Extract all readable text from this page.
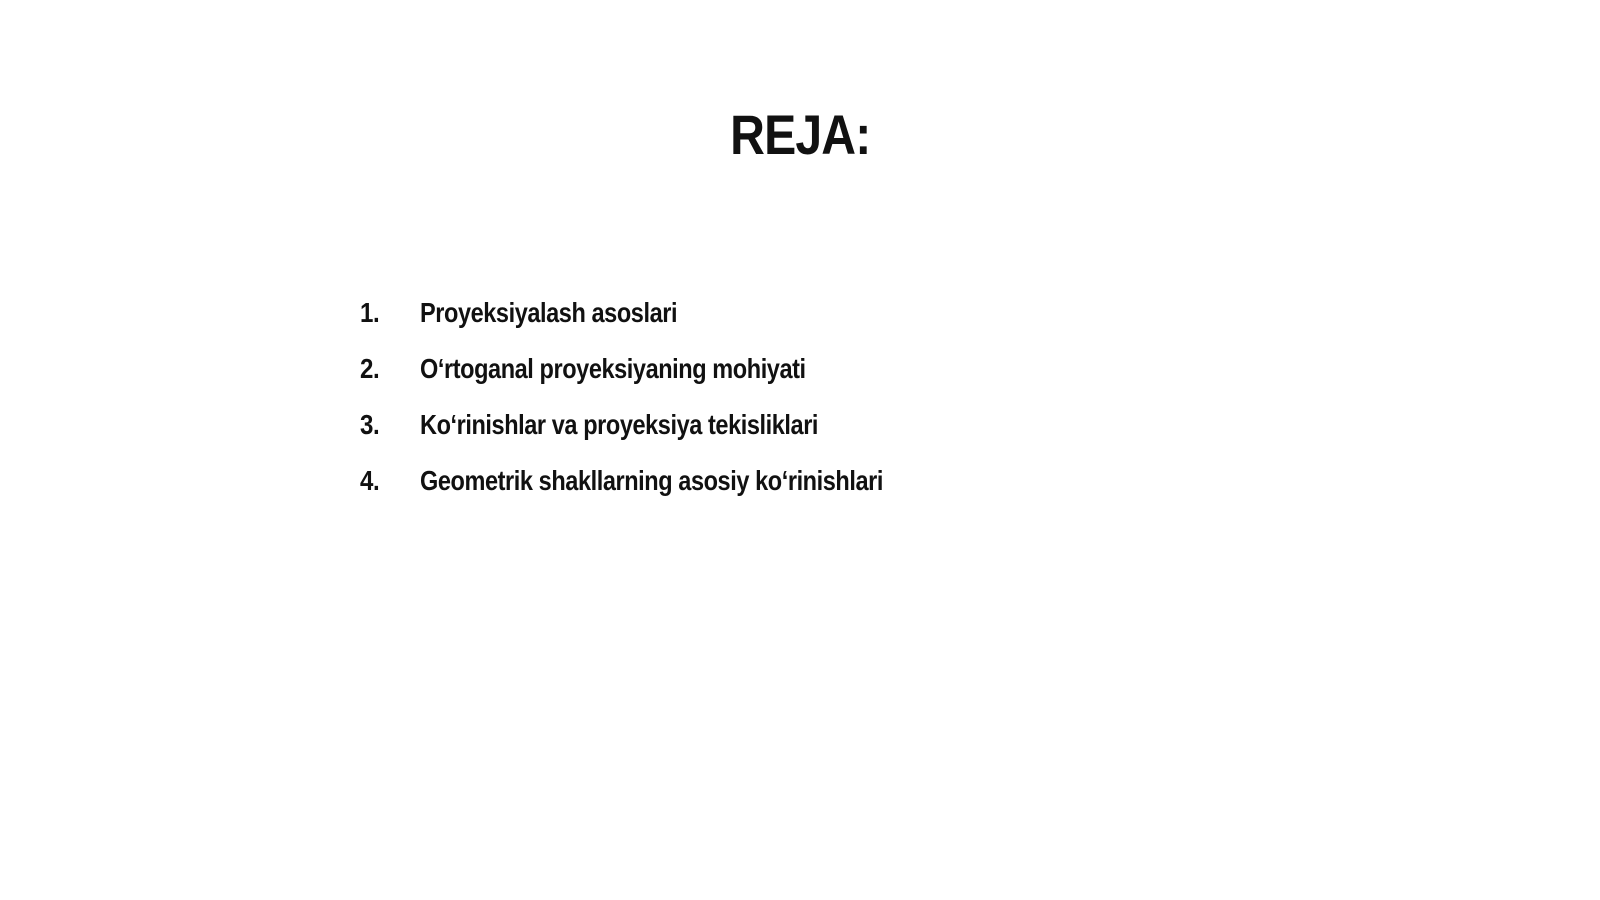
REJA:
1.	Proyeksiyalash asoslari
2.	O‘rtoganal proyeksiyaning mohiyati
3.	Ko‘rinishlar va proyeksiya tekisliklari
4.	Geometrik shakllarning asosiy ko‘rinishlari
